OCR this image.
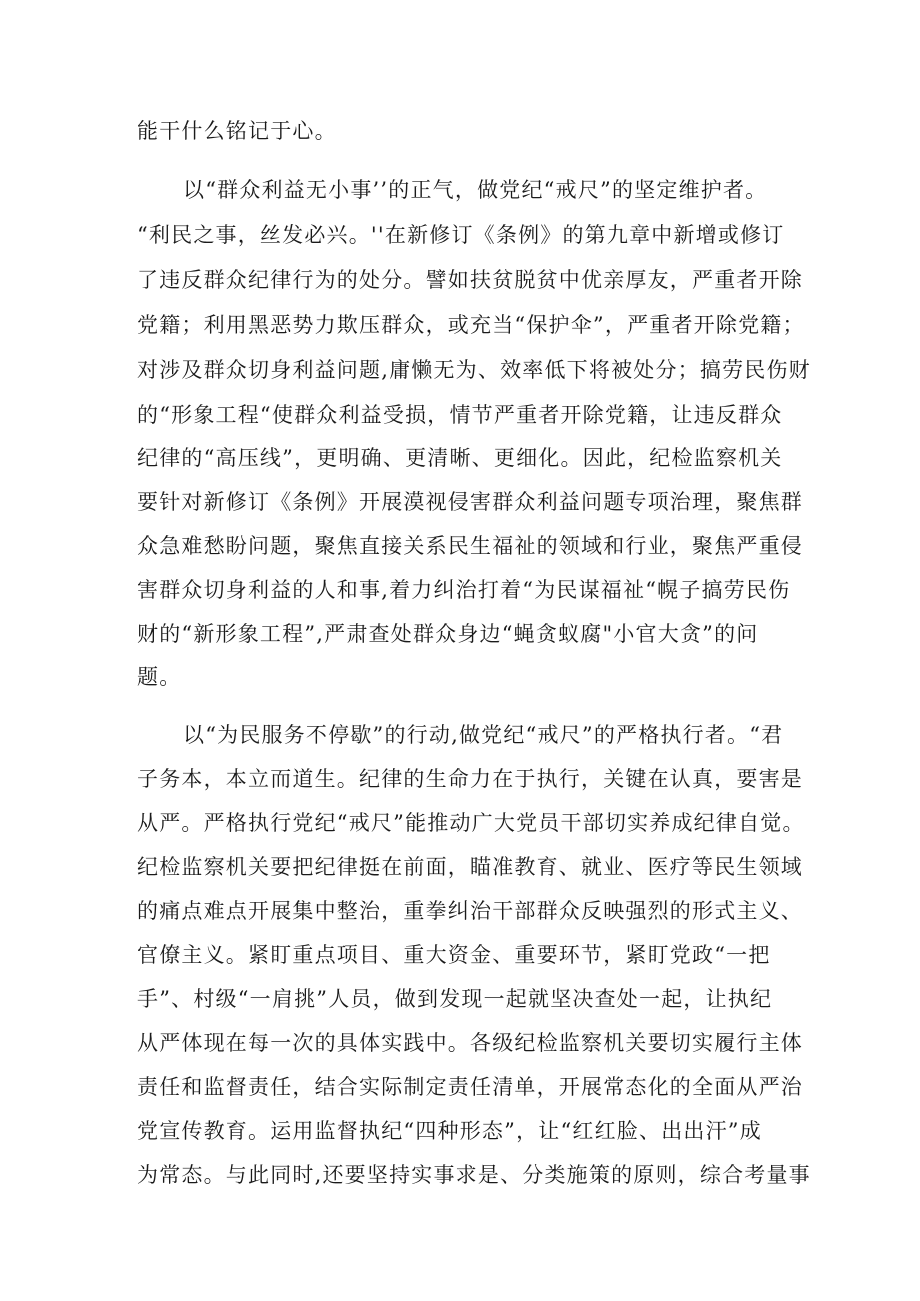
能干什么铭记于心。
以“群众利益无小事’’的正气，做党纪“戒尺”的坚定维护者。
“利民之事，丝发必兴。''在新修订《条例》的第九章中新增或修订
了违反群众纪律行为的处分。譬如扶贫脱贫中优亲厚友，严重者开除
党籍；利用黑恶势力欺压群众，或充当“保护伞”，严重者开除党籍；
对涉及群众切身利益问题,庸懒无为、效率低下将被处分；搞劳民伤财
的“形象工程“使群众利益受损，情节严重者开除党籍，让违反群众
纪律的“高压线”，更明确、更清晰、更细化。因此，纪检监察机关
要针对新修订《条例》开展漠视侵害群众利益问题专项治理，聚焦群
众急难愁盼问题，聚焦直接关系民生福祉的领域和行业，聚焦严重侵
害群众切身利益的人和事,着力纠治打着“为民谋福祉“幌子搞劳民伤
财的“新形象工程”,严肃查处群众身边“蝇贪蚁腐"小官大贪”的问
题。
以“为民服务不停歇”的行动,做党纪“戒尺”的严格执行者。“君
子务本，本立而道生。纪律的生命力在于执行，关键在认真，要害是
从严。严格执行党纪“戒尺”能推动广大党员干部切实养成纪律自觉。
纪检监察机关要把纪律挺在前面，瞄准教育、就业、医疗等民生领域
的痛点难点开展集中整治，重拳纠治干部群众反映强烈的形式主义、
官僚主义。紧盯重点项目、重大资金、重要环节，紧盯党政“一把
手”、村级“一肩挑”人员，做到发现一起就坚决查处一起，让执纪
从严体现在每一次的具体实践中。各级纪检监察机关要切实履行主体
责任和监督责任，结合实际制定责任清单，开展常态化的全面从严治
党宣传教育。运用监督执纪“四种形态”，让“红红脸、出出汗”成
为常态。与此同时,还要坚持实事求是、分类施策的原则，综合考量事
